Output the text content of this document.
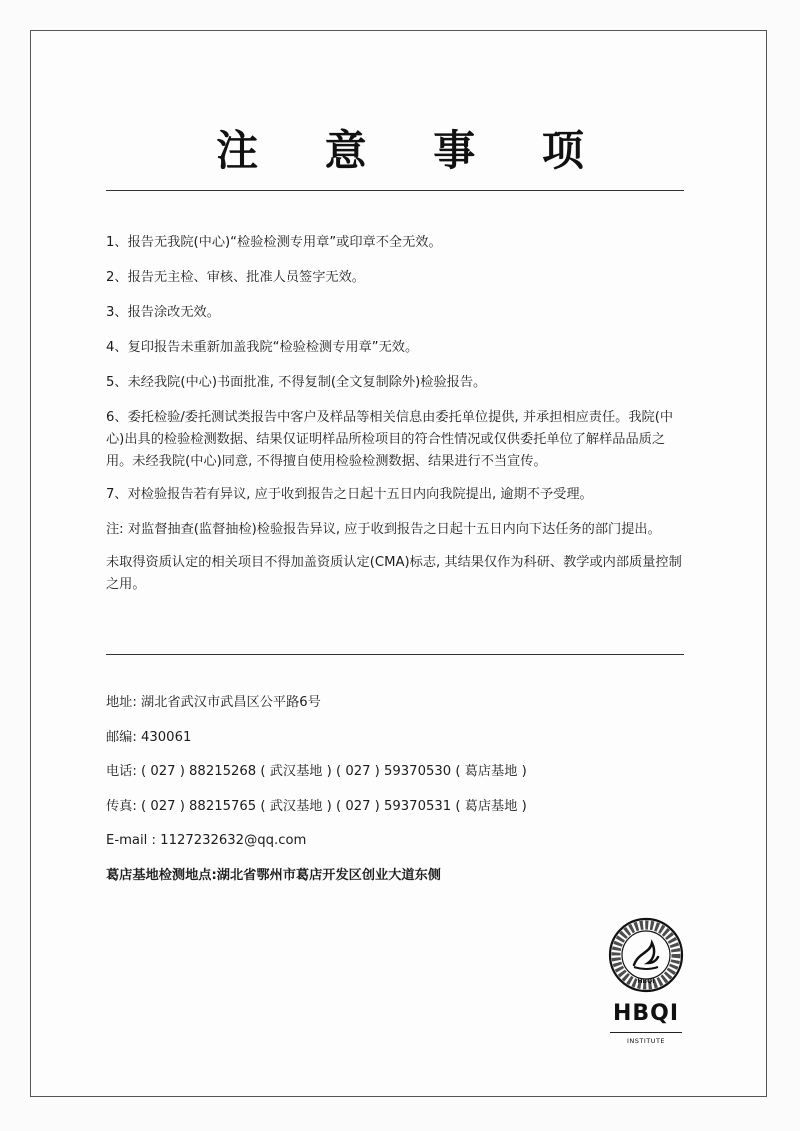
注 意 事 项

1、报告无我院(中心)“检验检测专用章”或印章不全无效。

2、报告无主检、审核、批准人员签字无效。

3、报告涂改无效。

4、复印报告未重新加盖我院“检验检测专用章”无效。

5、未经我院(中心)书面批准, 不得复制(全文复制除外)检验报告。

6、委托检验/委托测试类报告中客户及样品等相关信息由委托单位提供, 并承担相应责任。我院(中心)出具的检验检测数据、结果仅证明样品所检项目的符合性情况或仅供委托单位了解样品品质之用。未经我院(中心)同意, 不得擅自使用检验检测数据、结果进行不当宣传。

7、对检验报告若有异议, 应于收到报告之日起十五日内向我院提出, 逾期不予受理。

注: 对监督抽查(监督抽检)检验报告异议, 应于收到报告之日起十五日内向下达任务的部门提出。

未取得资质认定的相关项目不得加盖资质认定(CMA)标志, 其结果仅作为科研、教学或内部质量控制之用。

地址: 湖北省武汉市武昌区公平路6号
邮编: 430061
电话: ( 027 ) 88215268 ( 武汉基地 ) ( 027 ) 59370530 ( 葛店基地 )
传真: ( 027 ) 88215765 ( 武汉基地 ) ( 027 ) 59370531 ( 葛店基地 )
E-mail : 1127232632@qq.com
葛店基地检测地点:湖北省鄂州市葛店开发区创业大道东侧
HBQI
HBQI
INSTITUTE
